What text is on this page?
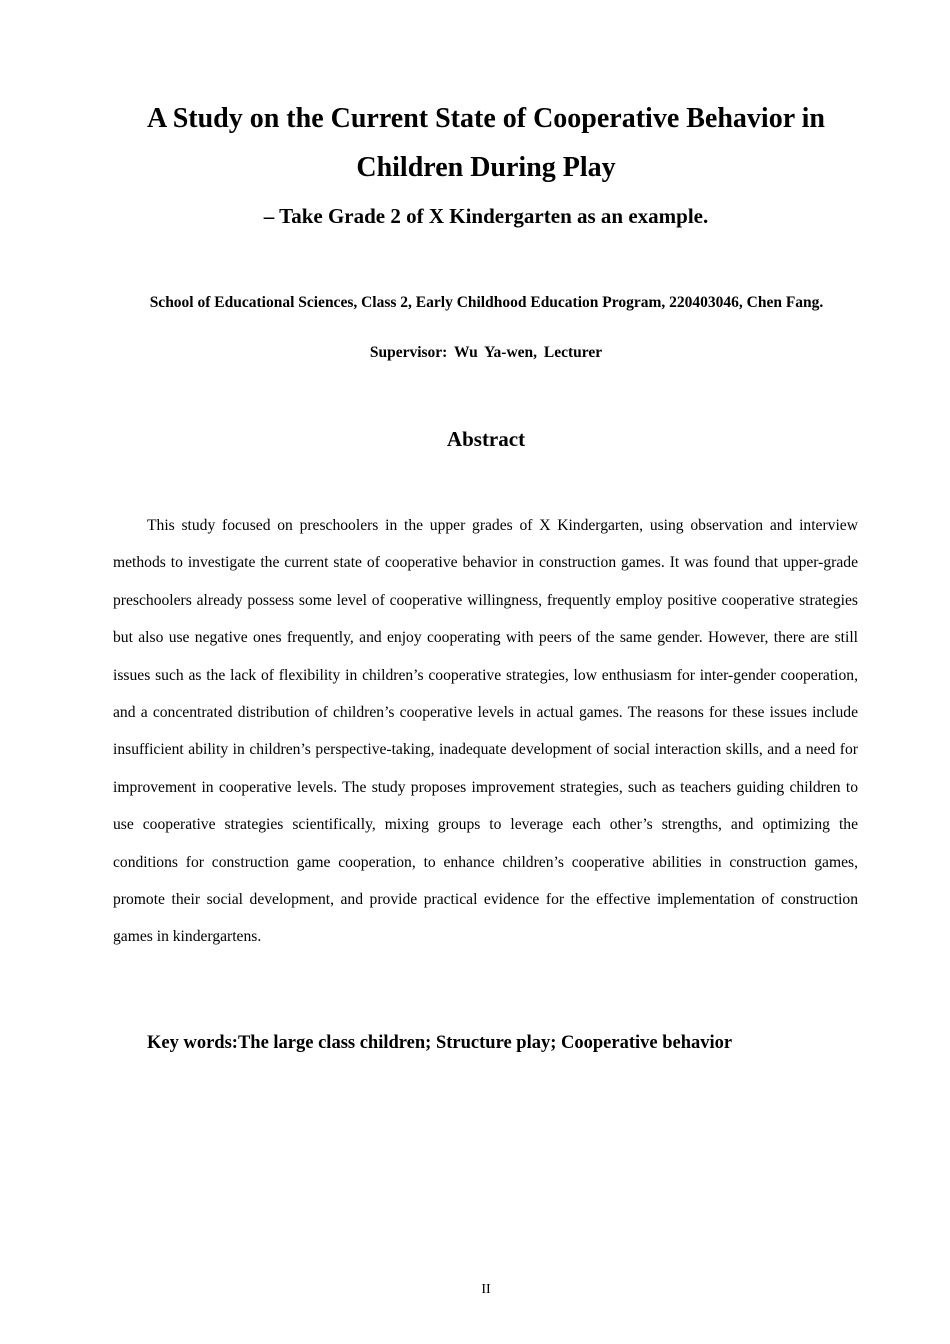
A Study on the Current State of Cooperative Behavior in Children During Play
– Take Grade 2 of X Kindergarten as an example.

School of Educational Sciences, Class 2, Early Childhood Education Program, 220403046, Chen Fang.

Supervisor: Wu Ya-wen, Lecturer

Abstract

This study focused on preschoolers in the upper grades of X Kindergarten, using observation and interview methods to investigate the current state of cooperative behavior in construction games. It was found that upper-grade preschoolers already possess some level of cooperative willingness, frequently employ positive cooperative strategies but also use negative ones frequently, and enjoy cooperating with peers of the same gender. However, there are still issues such as the lack of flexibility in children’s cooperative strategies, low enthusiasm for inter-gender cooperation, and a concentrated distribution of children’s cooperative levels in actual games. The reasons for these issues include insufficient ability in children’s perspective-taking, inadequate development of social interaction skills, and a need for improvement in cooperative levels. The study proposes improvement strategies, such as teachers guiding children to use cooperative strategies scientifically, mixing groups to leverage each other’s strengths, and optimizing the conditions for construction game cooperation, to enhance children’s cooperative abilities in construction games, promote their social development, and provide practical evidence for the effective implementation of construction games in kindergartens.

Key words:The large class children; Structure play; Cooperative behavior

II
